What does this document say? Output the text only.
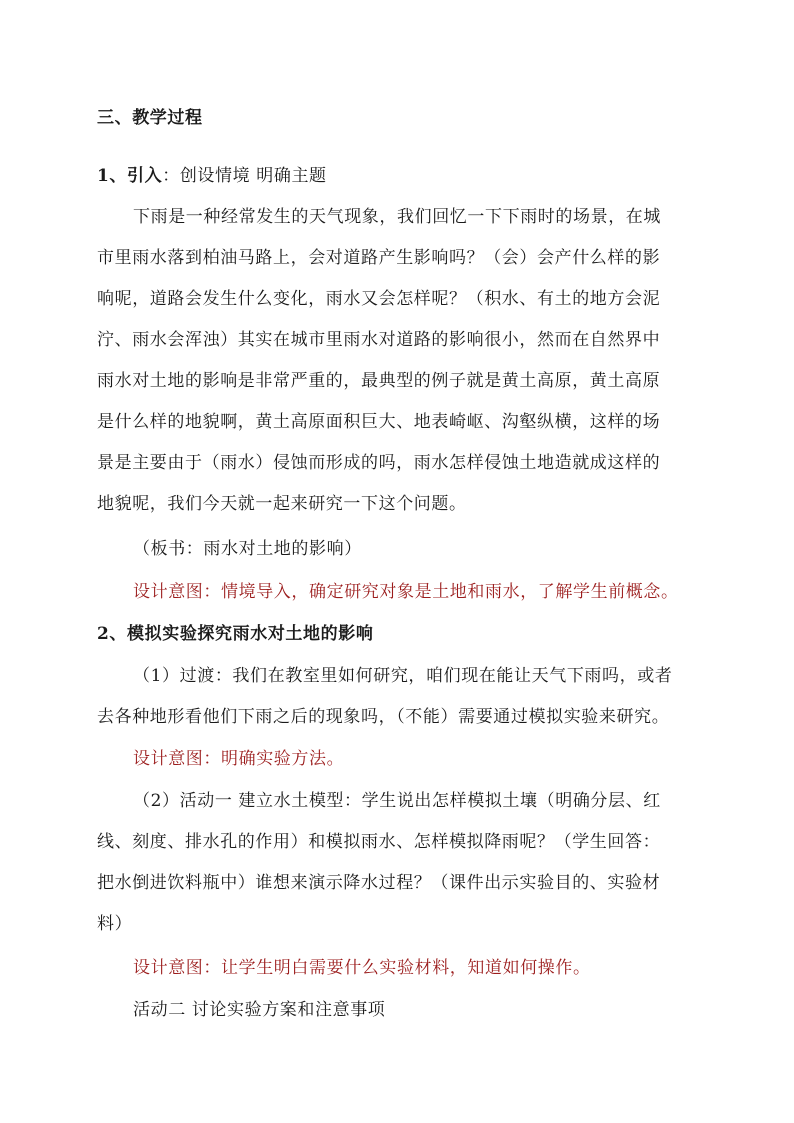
三、教学过程
1、引入：创设情境 明确主题
下雨是一种经常发生的天气现象，我们回忆一下下雨时的场景，在城
市里雨水落到柏油马路上，会对道路产生影响吗？（会）会产什么样的影
响呢，道路会发生什么变化，雨水又会怎样呢？（积水、有土的地方会泥
泞、雨水会浑浊）其实在城市里雨水对道路的影响很小，然而在自然界中
雨水对土地的影响是非常严重的，最典型的例子就是黄土高原，黄土高原
是什么样的地貌啊，黄土高原面积巨大、地表崎岖、沟壑纵横，这样的场
景是主要由于（雨水）侵蚀而形成的吗，雨水怎样侵蚀土地造就成这样的
地貌呢，我们今天就一起来研究一下这个问题。
（板书：雨水对土地的影响）
设计意图：情境导入，确定研究对象是土地和雨水，了解学生前概念。
2、模拟实验探究雨水对土地的影响
（1）过渡：我们在教室里如何研究，咱们现在能让天气下雨吗，或者
去各种地形看他们下雨之后的现象吗，（不能）需要通过模拟实验来研究。
设计意图：明确实验方法。
（2）活动一 建立水土模型：学生说出怎样模拟土壤（明确分层、红
线、刻度、排水孔的作用）和模拟雨水、怎样模拟降雨呢？（学生回答：
把水倒进饮料瓶中）谁想来演示降水过程？（课件出示实验目的、实验材
料）
设计意图：让学生明白需要什么实验材料，知道如何操作。
活动二 讨论实验方案和注意事项
